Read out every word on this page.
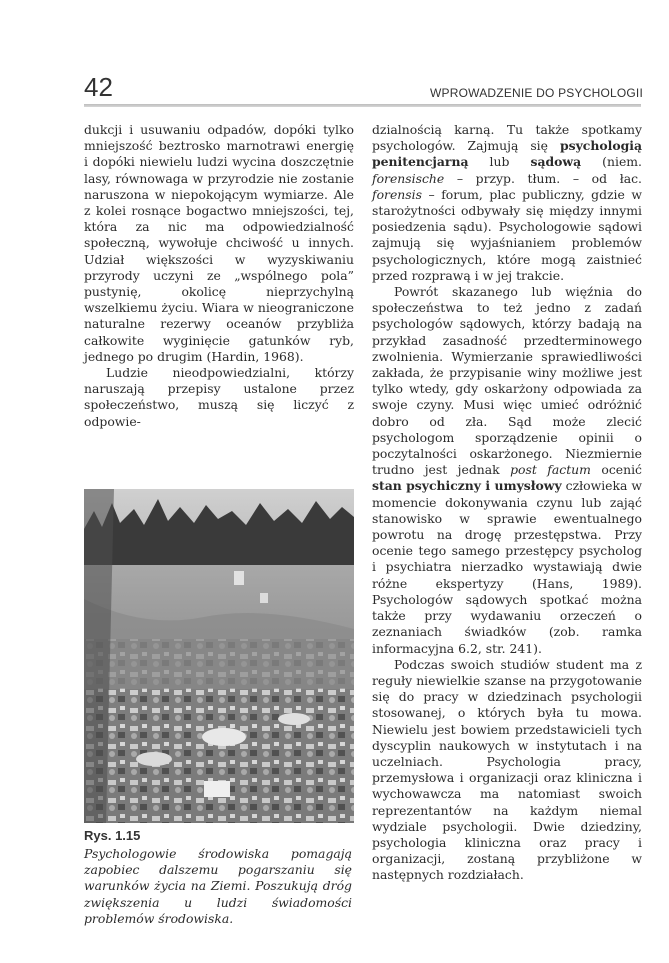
42	WPROWADZENIE DO PSYCHOLOGII

dukcji i usuwaniu odpadów, dopóki tylko mniejszość beztrosko marnotrawi energię i dopóki niewielu ludzi wycina doszczętnie lasy, równowaga w przyrodzie nie zostanie naruszona w niepokojącym wymiarze. Ale z kolei rosnące bogactwo mniejszości, tej, która za nic ma odpowiedzialność społeczną, wywołuje chciwość u innych. Udział większości w wyzyskiwaniu przyrody uczyni ze „wspólnego pola” pustynię, okolicę nieprzychylną wszelkiemu życiu. Wiara w nieograniczone naturalne rezerwy oceanów przybliża całkowite wyginięcie gatunków ryb, jednego po drugim (Hardin, 1968).

Ludzie nieodpowiedzialni, którzy naruszają przepisy ustalone przez społeczeństwo, muszą się liczyć z odpowie-

Rys. 1.15
Psychologowie środowiska pomagają zapobiec dalszemu pogarszaniu się warunków życia na Ziemi. Poszukują dróg zwiększenia u ludzi świadomości problemów środowiska.

dzialnością karną. Tu także spotkamy psychologów. Zajmują się psychologią penitencjarną lub sądową (niem. forensische – przyp. tłum. – od łac. forensis – forum, plac publiczny, gdzie w starożytności odbywały się między innymi posiedzenia sądu). Psychologowie sądowi zajmują się wyjaśnianiem problemów psychologicznych, które mogą zaistnieć przed rozprawą i w jej trakcie.

Powrót skazanego lub więźnia do społeczeństwa to też jedno z zadań psychologów sądowych, którzy badają na przykład zasadność przedterminowego zwolnienia. Wymierzanie sprawiedliwości zakłada, że przypisanie winy możliwe jest tylko wtedy, gdy oskarżony odpowiada za swoje czyny. Musi więc umieć odróżnić dobro od zła. Sąd może zlecić psychologom sporządzenie opinii o poczytalności oskarżonego. Niezmiernie trudno jest jednak post factum ocenić stan psychiczny i umysłowy człowieka w momencie dokonywania czynu lub zająć stanowisko w sprawie ewentualnego powrotu na drogę przestępstwa. Przy ocenie tego samego przestępcy psycholog i psychiatra nierzadko wystawiają dwie różne ekspertyzy (Hans, 1989). Psychologów sądowych spotkać można także przy wydawaniu orzeczeń o zeznaniach świadków (zob. ramka informacyjna 6.2, str. 241).

Podczas swoich studiów student ma z reguły niewielkie szanse na przygotowanie się do pracy w dziedzinach psychologii stosowanej, o których była tu mowa. Niewielu jest bowiem przedstawicieli tych dyscyplin naukowych w instytutach i na uczelniach. Psychologia pracy, przemysłowa i organizacji oraz kliniczna i wychowawcza ma natomiast swoich reprezentantów na każdym niemal wydziale psychologii. Dwie dziedziny, psychologia kliniczna oraz pracy i organizacji, zostaną przybliżone w następnych rozdziałach.
